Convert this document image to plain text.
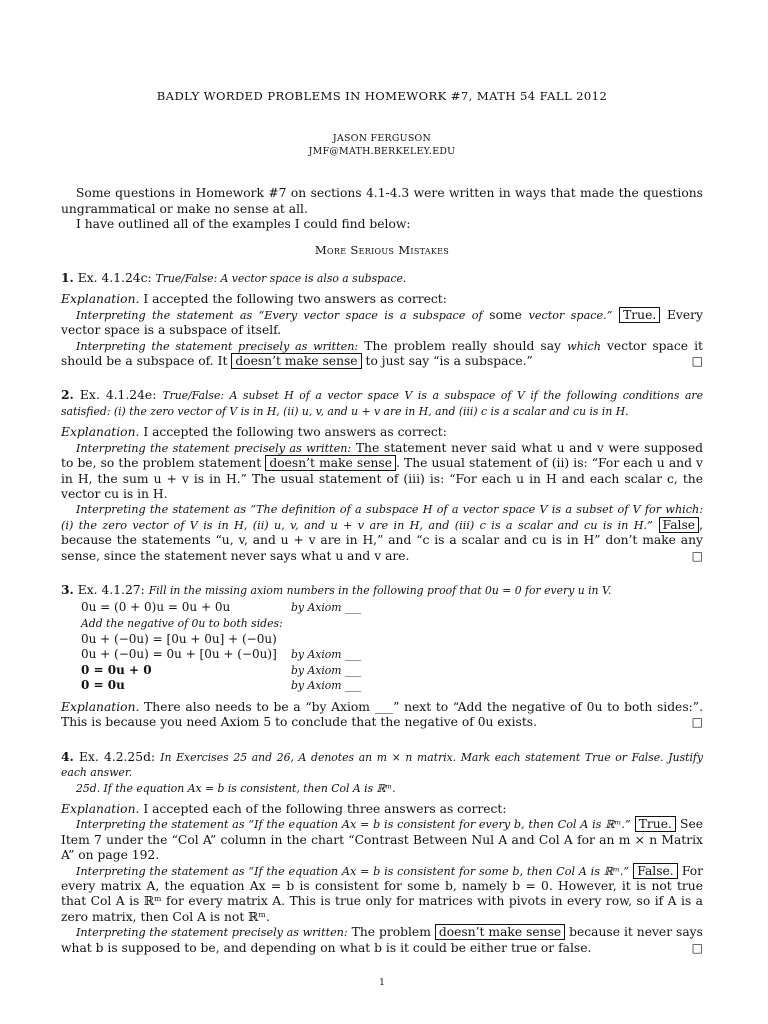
BADLY WORDED PROBLEMS IN HOMEWORK #7, MATH 54 FALL 2012
JASON FERGUSON
JMF@MATH.BERKELEY.EDU

Some questions in Homework #7 on sections 4.1-4.3 were written in ways that made the questions ungrammatical or make no sense at all.

I have outlined all of the examples I could find below:

More Serious Mistakes

1. Ex. 4.1.24c: True/False: A vector space is also a subspace.

Explanation. I accepted the following two answers as correct:

Interpreting the statement as “Every vector space is a subspace of some vector space.” True. Every vector space is a subspace of itself.

Interpreting the statement precisely as written: The problem really should say which vector space it should be a subspace of. It doesn’t make sense to just say “is a subspace.”	□

2. Ex. 4.1.24e: True/False: A subset H of a vector space V is a subspace of V if the following conditions are satisfied: (i) the zero vector of V is in H, (ii) u, v, and u + v are in H, and (iii) c is a scalar and cu is in H.

Explanation. I accepted the following two answers as correct:

Interpreting the statement precisely as written: The statement never said what u and v were supposed to be, so the problem statement doesn’t make sense . The usual statement of (ii) is: “For each u and v in H, the sum u + v is in H.” The usual statement of (iii) is: “For each u in H and each scalar c, the vector cu is in H.

Interpreting the statement as “The definition of a subspace H of a vector space V is a subset of V for which: (i) the zero vector of V is in H, (ii) u, v, and u + v are in H, and (iii) c is a scalar and cu is in H.” False , because the statements “u, v, and u + v are in H,” and “c is a scalar and cu is in H” don’t make any sense, since the statement never says what u and v are.	□

3. Ex. 4.1.27: Fill in the missing axiom numbers in the following proof that 0u = 0 for every u in V.

0u = (0 + 0)u = 0u + 0u	by Axiom ___
Add the negative of 0u to both sides:
0u + (−0u) = [0u + 0u] + (−0u)
0u + (−0u) = 0u + [0u + (−0u)]	by Axiom ___
0 = 0u + 0	by Axiom ___
0 = 0u	by Axiom ___

Explanation. There also needs to be a “by Axiom ___” next to “Add the negative of 0u to both sides:”. This is because you need Axiom 5 to conclude that the negative of 0u exists.	□

4. Ex. 4.2.25d: In Exercises 25 and 26, A denotes an m × n matrix. Mark each statement True or False. Justify each answer.

25d. If the equation Ax = b is consistent, then Col A is ℝᵐ.

Explanation. I accepted each of the following three answers as correct:

Interpreting the statement as “If the equation Ax = b is consistent for every b, then Col A is ℝᵐ.” True. See Item 7 under the “Col A” column in the chart “Contrast Between Nul A and Col A for an m × n Matrix A” on page 192.

Interpreting the statement as “If the equation Ax = b is consistent for some b, then Col A is ℝᵐ.” False. For every matrix A, the equation Ax = b is consistent for some b, namely b = 0. However, it is not true that Col A is ℝᵐ for every matrix A. This is true only for matrices with pivots in every row, so if A is a zero matrix, then Col A is not ℝᵐ.

Interpreting the statement precisely as written: The problem doesn’t make sense because it never says what b is supposed to be, and depending on what b is it could be either true or false.	□

1
